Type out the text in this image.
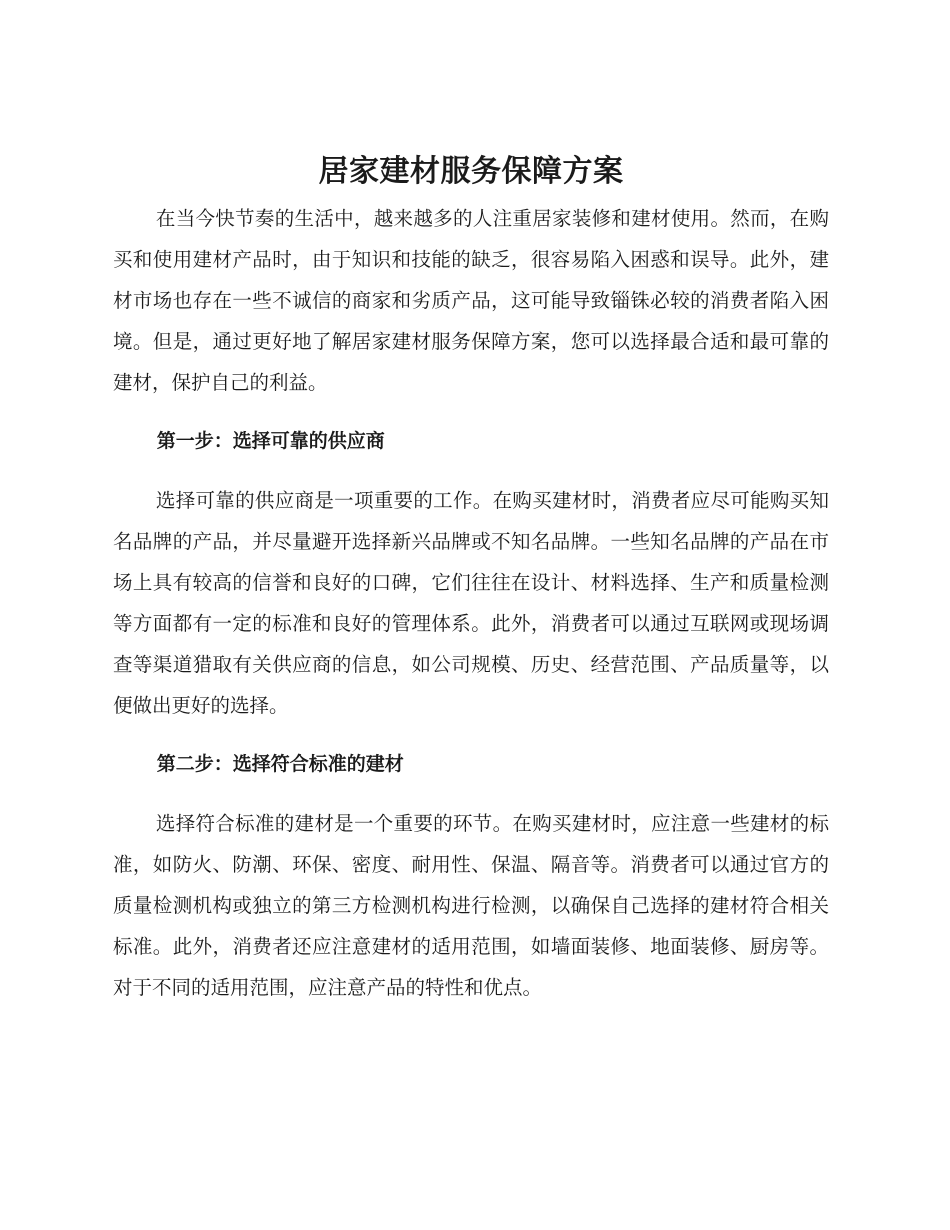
居家建材服务保障方案

在当今快节奏的生活中，越来越多的人注重居家装修和建材使用。然而，在购买和使用建材产品时，由于知识和技能的缺乏，很容易陷入困惑和误导。此外，建材市场也存在一些不诚信的商家和劣质产品，这可能导致锱铢必较的消费者陷入困境。但是，通过更好地了解居家建材服务保障方案，您可以选择最合适和最可靠的建材，保护自己的利益。

第一步：选择可靠的供应商

选择可靠的供应商是一项重要的工作。在购买建材时，消费者应尽可能购买知名品牌的产品，并尽量避开选择新兴品牌或不知名品牌。一些知名品牌的产品在市场上具有较高的信誉和良好的口碑，它们往往在设计、材料选择、生产和质量检测等方面都有一定的标准和良好的管理体系。此外，消费者可以通过互联网或现场调查等渠道猎取有关供应商的信息，如公司规模、历史、经营范围、产品质量等，以便做出更好的选择。

第二步：选择符合标准的建材

选择符合标准的建材是一个重要的环节。在购买建材时，应注意一些建材的标准，如防火、防潮、环保、密度、耐用性、保温、隔音等。消费者可以通过官方的质量检测机构或独立的第三方检测机构进行检测，以确保自己选择的建材符合相关标准。此外，消费者还应注意建材的适用范围，如墙面装修、地面装修、厨房等。对于不同的适用范围，应注意产品的特性和优点。
